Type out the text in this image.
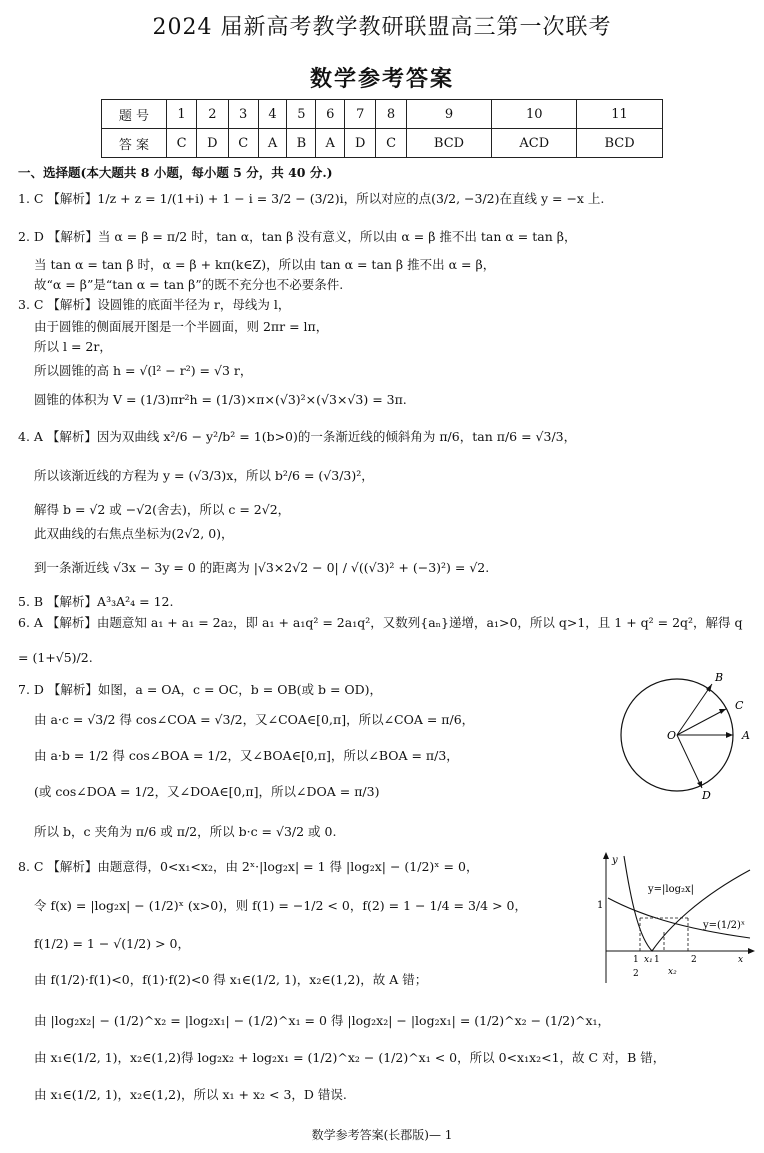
2024 届新高考教学教研联盟高三第一次联考
数学参考答案
题 号	1	2	3	4	5	6	7	8	9	10	11
答 案	C	D	C	A	B	A	D	C	BCD	ACD	BCD
一、选择题(本大题共 8 小题，每小题 5 分，共 40 分.)
1. C 【解析】1/z + z = 1/(1+i) + 1 − i = 3/2 − (3/2)i，所以对应的点(3/2, −3/2)在直线 y = −x 上.
2. D 【解析】当 α = β = π/2 时，tan α，tan β 没有意义，所以由 α = β 推不出 tan α = tan β，
当 tan α = tan β 时，α = β + kπ(k∈Z)，所以由 tan α = tan β 推不出 α = β，
故“α = β”是“tan α = tan β”的既不充分也不必要条件.
3. C 【解析】设圆锥的底面半径为 r，母线为 l，
由于圆锥的侧面展开图是一个半圆面，则 2πr = lπ，
所以 l = 2r，
所以圆锥的高 h = √(l² − r²) = √3 r，
圆锥的体积为 V = (1/3)πr²h = (1/3)×π×(√3)²×(√3×√3) = 3π.
4. A 【解析】因为双曲线 x²/6 − y²/b² = 1(b>0)的一条渐近线的倾斜角为 π/6，tan π/6 = √3/3，
所以该渐近线的方程为 y = (√3/3)x，所以 b²/6 = (√3/3)²，
解得 b = √2 或 −√2(舍去)，所以 c = 2√2，
此双曲线的右焦点坐标为(2√2, 0)，
到一条渐近线 √3x − 3y = 0 的距离为 |√3×2√2 − 0| / √((√3)² + (−3)²) = √2.
5. B 【解析】A³₃A²₄ = 12.
6. A 【解析】由题意知 a₁ + a₁ = 2a₂，即 a₁ + a₁q² = 2a₁q²，又数列{aₙ}递增，a₁>0，所以 q>1，且 1 + q² = 2q²，解得 q
= (1+√5)/2.
7. D 【解析】如图，a = OA，c = OC，b = OB(或 b = OD)，
由 a·c = √3/2 得 cos∠COA = √3/2，又∠COA∈[0,π]，所以∠COA = π/6，
由 a·b = 1/2 得 cos∠BOA = 1/2，又∠BOA∈[0,π]，所以∠BOA = π/3，
(或 cos∠DOA = 1/2，又∠DOA∈[0,π]，所以∠DOA = π/3)
所以 b，c 夹角为 π/6 或 π/2，所以 b·c = √3/2 或 0.
8. C 【解析】由题意得，0<x₁<x₂，由 2ˣ·|log₂x| = 1 得 |log₂x| − (1/2)ˣ = 0，
令 f(x) = |log₂x| − (1/2)ˣ (x>0)，则 f(1) = −1/2 < 0，f(2) = 1 − 1/4 = 3/4 > 0，
f(1/2) = 1 − √(1/2) > 0，
由 f(1/2)·f(1)<0，f(1)·f(2)<0 得 x₁∈(1/2, 1)，x₂∈(1,2)，故 A 错；
由 |log₂x₂| − (1/2)^x₂ = |log₂x₁| − (1/2)^x₁ = 0 得 |log₂x₂| − |log₂x₁| = (1/2)^x₂ − (1/2)^x₁，
由 x₁∈(1/2, 1)，x₂∈(1,2)得 log₂x₂ + log₂x₁ = (1/2)^x₂ − (1/2)^x₁ < 0，所以 0<x₁x₂<1，故 C 对，B 错，
由 x₁∈(1/2, 1)，x₂∈(1,2)，所以 x₁ + x₂ < 3，D 错误.
B
C
O	A
D
y
y=|log₂x|
y=(1/2)ˣ
1
1
2
x₁ 1
x₂
2	x
数学参考答案(长郡版)— 1
